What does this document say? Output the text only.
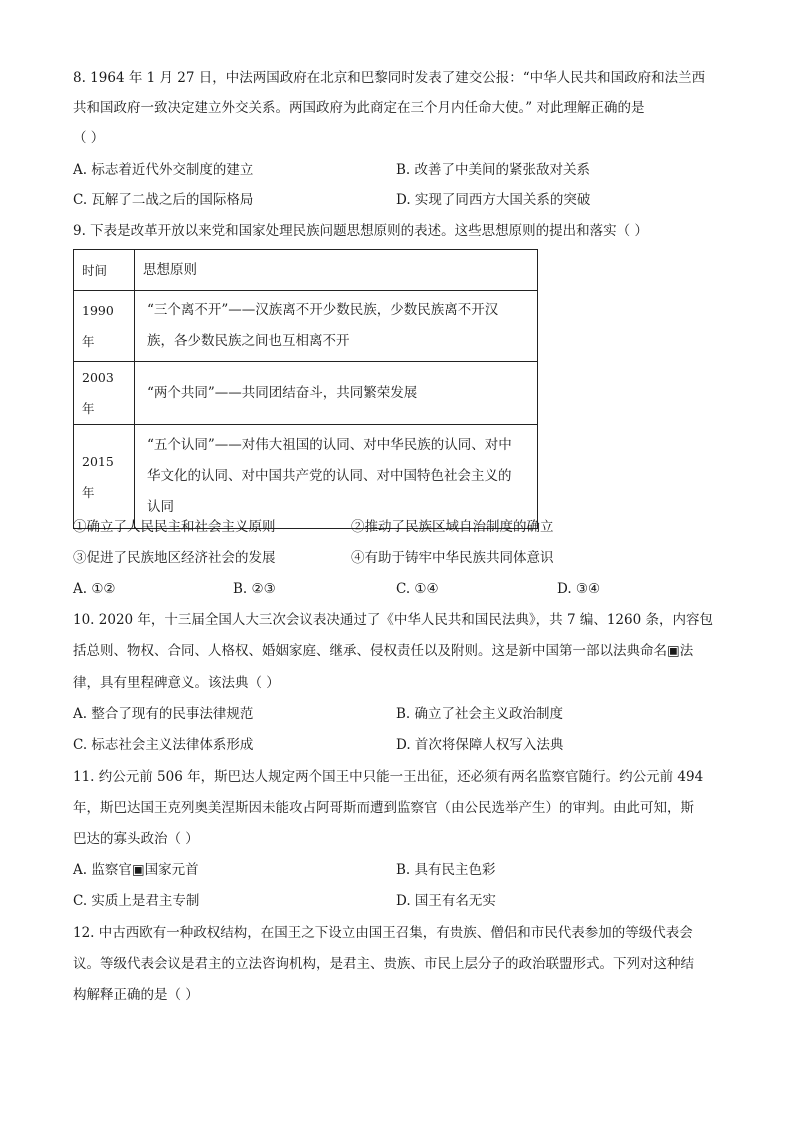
8. 1964 年 1 月 27 日，中法两国政府在北京和巴黎同时发表了建交公报：“中华人民共和国政府和法兰西
共和国政府一致决定建立外交关系。两国政府为此商定在三个月内任命大使。” 对此理解正确的是
（ ）
A. 标志着近代外交制度的建立	B. 改善了中美间的紧张敌对关系
C. 瓦解了二战之后的国际格局	D. 实现了同西方大国关系的突破
9. 下表是改革开放以来党和国家处理民族问题思想原则的表述。这些思想原则的提出和落实（ ）
时间	思想原则
1990 年	“三个离不开”——汉族离不开少数民族，少数民族离不开汉族，各少数民族之间也互相离不开
2003 年	“两个共同”——共同团结奋斗，共同繁荣发展
2015 年	“五个认同”——对伟大祖国的认同、对中华民族的认同、对中华文化的认同、对中国共产党的认同、对中国特色社会主义的认同
①确立了人民民主和社会主义原则	②推动了民族区域自治制度的确立
③促进了民族地区经济社会的发展	④有助于铸牢中华民族共同体意识
A. ①②	B. ②③	C. ①④	D. ③④
10. 2020 年，十三届全国人大三次会议表决通过了《中华人民共和国民法典》，共 7 编、1260 条，内容包
括总则、物权、合同、人格权、婚姻家庭、继承、侵权责任以及附则。这是新中国第一部以法典命名▣法
律，具有里程碑意义。该法典（ ）
A. 整合了现有的民事法律规范	B. 确立了社会主义政治制度
C. 标志社会主义法律体系形成	D. 首次将保障人权写入法典
11. 约公元前 506 年，斯巴达人规定两个国王中只能一王出征，还必须有两名监察官随行。约公元前 494
年，斯巴达国王克列奥美涅斯因未能攻占阿哥斯而遭到监察官（由公民选举产生）的审判。由此可知，斯
巴达的寡头政治（ ）
A. 监察官▣国家元首	B. 具有民主色彩
C. 实质上是君主专制	D. 国王有名无实
12. 中古西欧有一种政权结构，在国王之下设立由国王召集，有贵族、僧侣和市民代表参加的等级代表会
议。等级代表会议是君主的立法咨询机构，是君主、贵族、市民上层分子的政治联盟形式。下列对这种结
构解释正确的是（ ）
